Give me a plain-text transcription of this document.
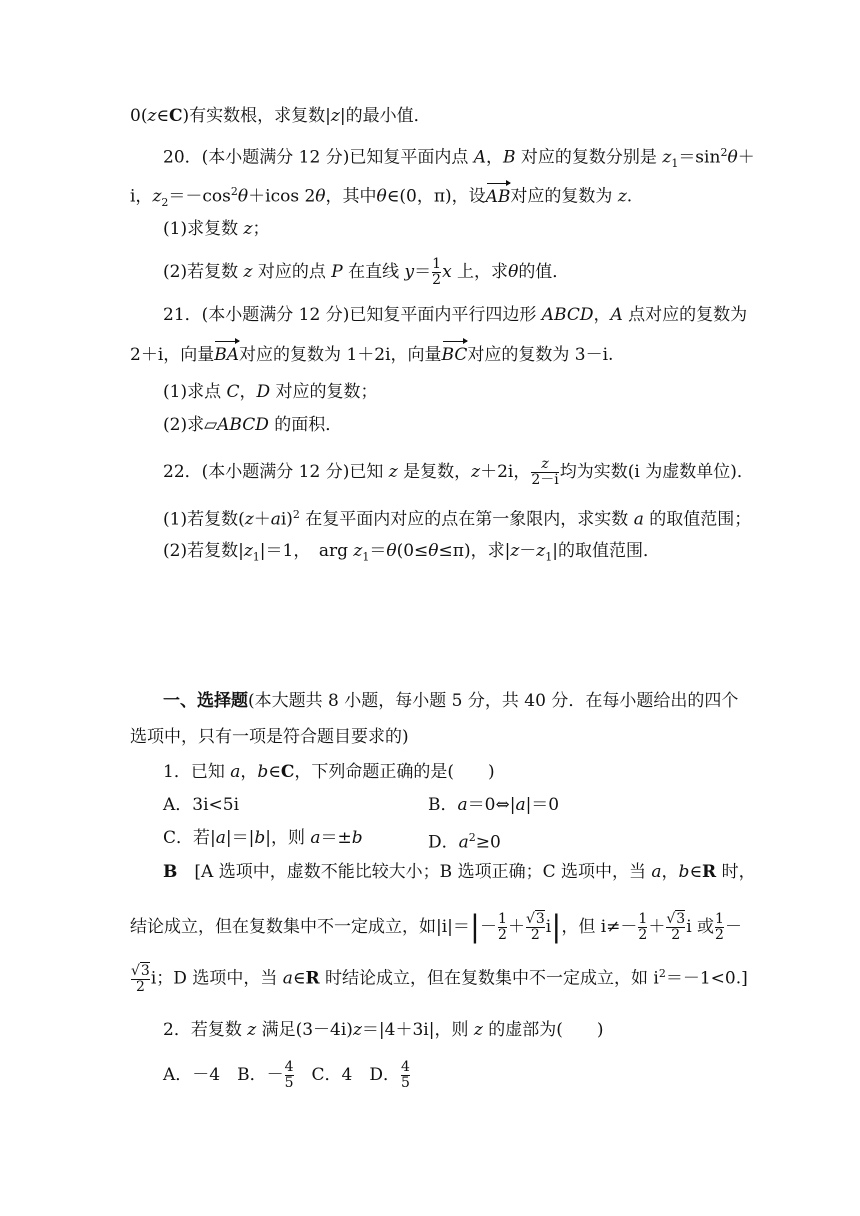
0(z∈C)有实数根，求复数|z|的最小值．
20．(本小题满分 12 分)已知复平面内点 A，B 对应的复数分别是 $z_1=\sin^2\theta+$
i，$z_2=-\cos^2\theta+icos$ 2θ，其中θ∈(0，π)，设AB对应的复数为 z.
(1)求复数 z；
(2)若复数 z 对应的点 P 在直线 $y= \frac{1}{2}$ x 上，求θ的值．
21．(本小题满分 12 分)已知复平面内平行四边形 ABCD，A 点对应的复数为
2＋i，向量BA对应的复数为 1＋2i，向量BC对应的复数为 3－i.
(1)求点 C，D 对应的复数；
(2)求▱ABCD 的面积．
22．(本小题满分 12 分)已知 z 是复数，z＋2i， $\frac{z}{2-i}$ 均为实数(i 为虚数单位)．
(1)若复数$(z+ai)^2$ 在复平面内对应的点在第一象限内，求实数 a 的取值范围；
(2)若复数$|z_1|=1$，　arg $z_1=\theta(0\le\theta\le\pi)$，求$|z-z_1|$的取值范围．
一、选择题(本大题共 8 小题，每小题 5 分，共 40 分．在每小题给出的四个
选项中，只有一项是符合题目要求的)
1．已知 a，b∈C，下列命题正确的是(　　)
A．3i<5i	B．a＝0⇔|a|＝0
C．若|a|＝|b|，则 a＝±b	D．$a^2\ge 0$
B　[A 选项中，虚数不能比较大小；B 选项正确；C 选项中，当 a，b∈R 时，
结论成立，但在复数集中不一定成立，如$|i|=|- \frac{1}{2} + \frac{√3}{2} i|$，但 $i\ne- \frac{1}{2} + \frac{√3}{2}$ i 或 $\frac{1}{2}$ －
$\frac{√3}{2}$ i；D 选项中，当 a∈R 时结论成立，但在复数集中不一定成立，如 $i^2=-1<0$.]
2．若复数 z 满足(3－4i)z＝|4＋3i|，则 z 的虚部为(　　)
A．－4　B．－ $\frac{4}{5}$ 　C．4　D． $\frac{4}{5}$
